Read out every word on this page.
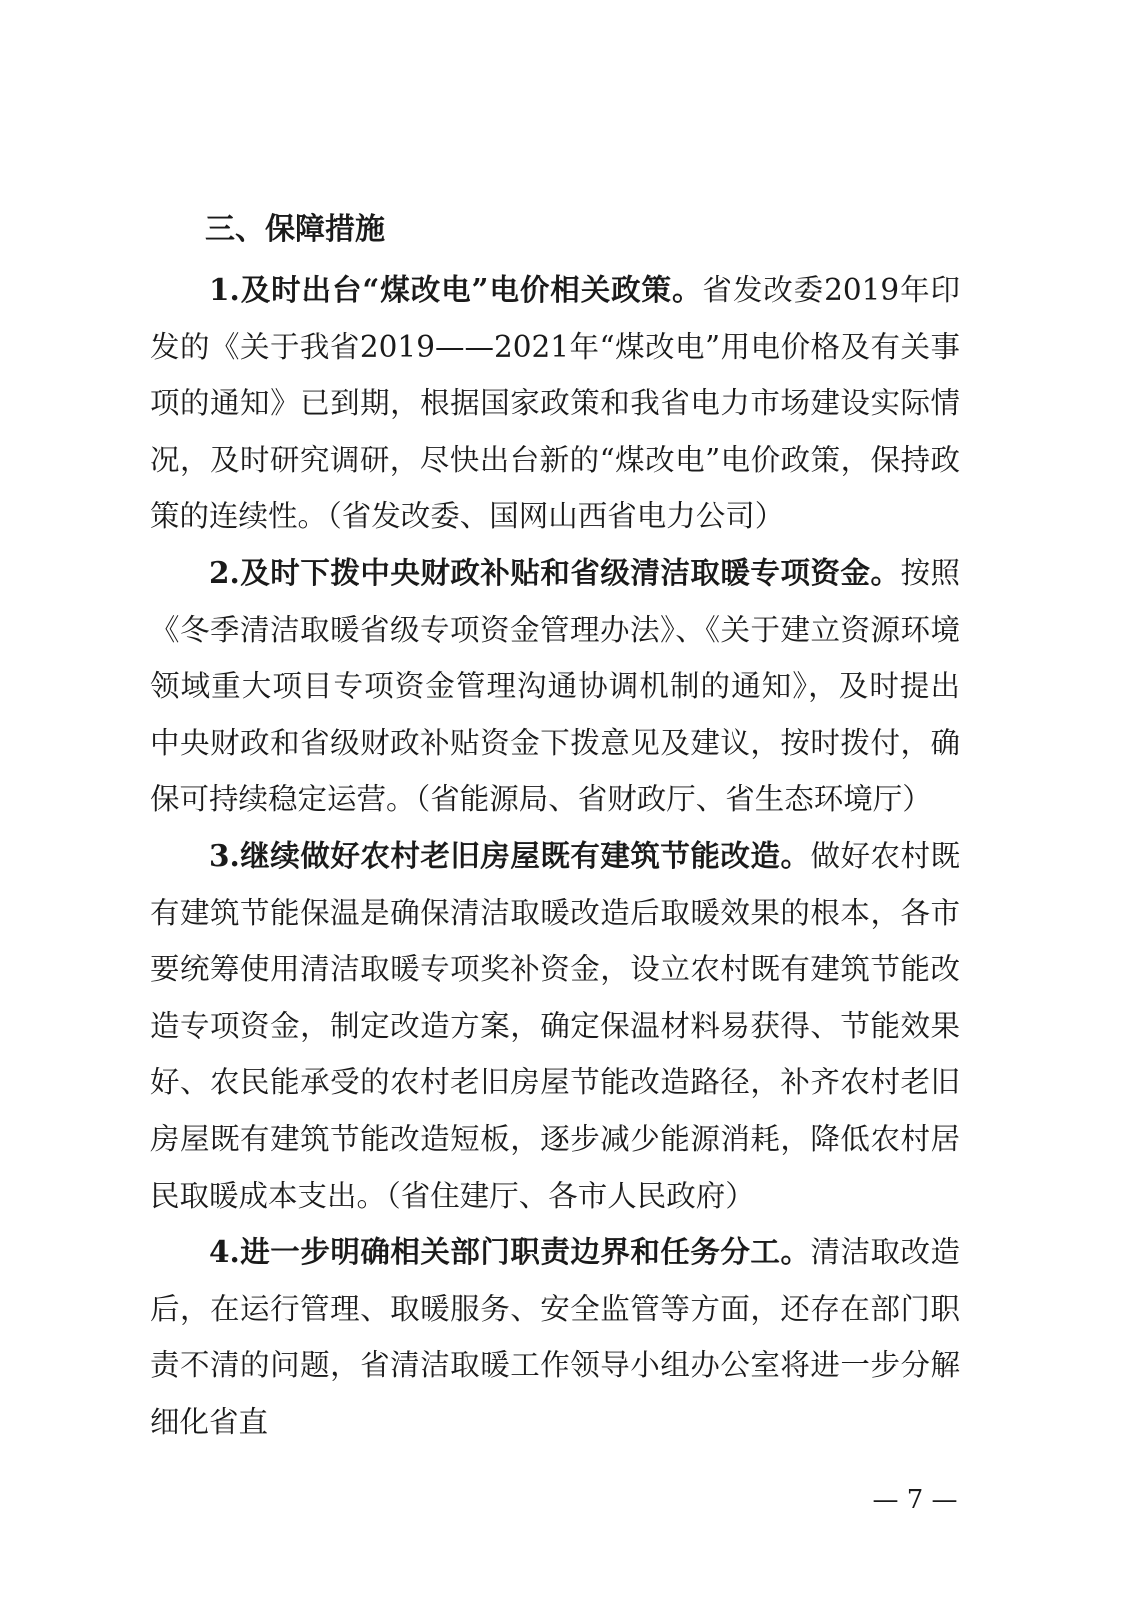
三、保障措施

1.及时出台“煤改电”电价相关政策。省发改委2019年印发的《关于我省2019——2021年“煤改电”用电价格及有关事项的通知》已到期，根据国家政策和我省电力市场建设实际情况，及时研究调研，尽快出台新的“煤改电”电价政策，保持政策的连续性。（省发改委、国网山西省电力公司）

2.及时下拨中央财政补贴和省级清洁取暖专项资金。按照《冬季清洁取暖省级专项资金管理办法》、《关于建立资源环境领域重大项目专项资金管理沟通协调机制的通知》，及时提出中央财政和省级财政补贴资金下拨意见及建议，按时拨付，确保可持续稳定运营。（省能源局、省财政厅、省生态环境厅）

3.继续做好农村老旧房屋既有建筑节能改造。做好农村既有建筑节能保温是确保清洁取暖改造后取暖效果的根本，各市要统筹使用清洁取暖专项奖补资金，设立农村既有建筑节能改造专项资金，制定改造方案，确定保温材料易获得、节能效果好、农民能承受的农村老旧房屋节能改造路径，补齐农村老旧房屋既有建筑节能改造短板，逐步减少能源消耗，降低农村居民取暖成本支出。（省住建厅、各市人民政府）

4.进一步明确相关部门职责边界和任务分工。清洁取改造后，在运行管理、取暖服务、安全监管等方面，还存在部门职责不清的问题，省清洁取暖工作领导小组办公室将进一步分解细化省直

— 7 —
